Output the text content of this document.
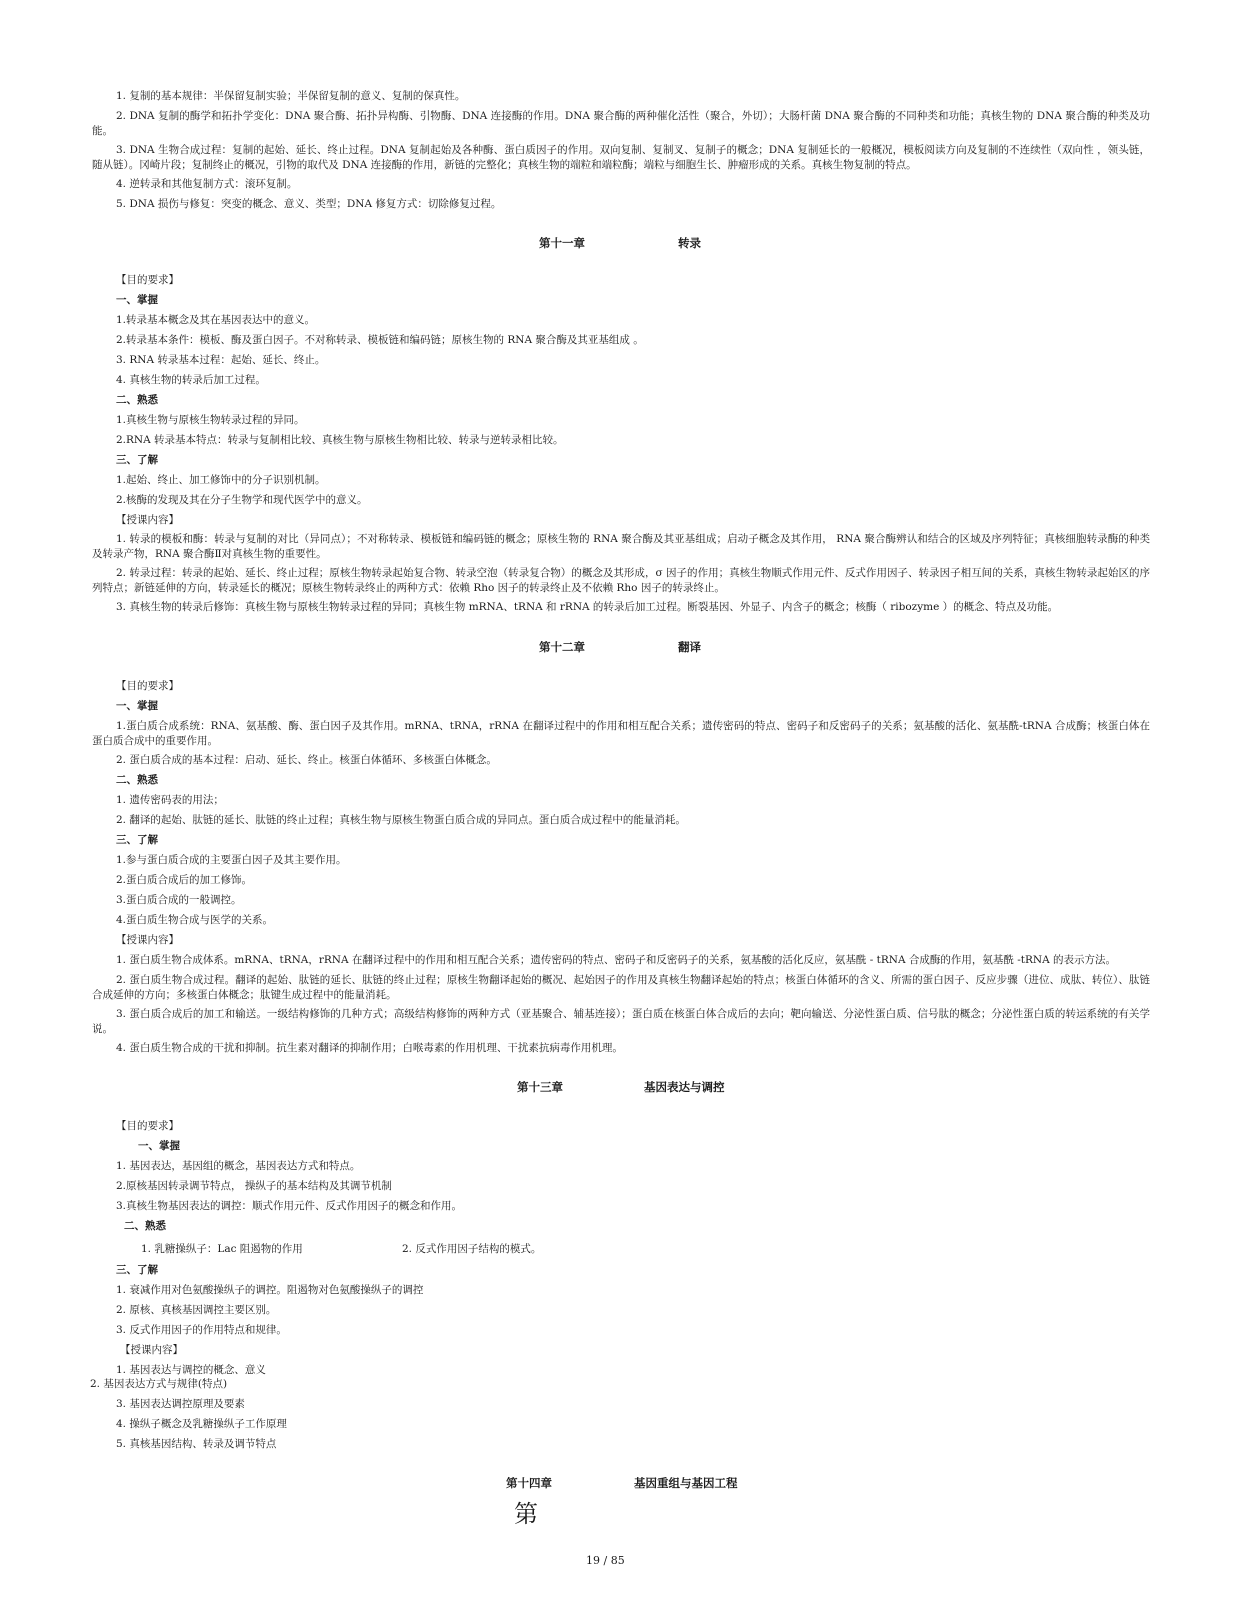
1. 复制的基本规律：半保留复制实验；半保留复制的意义、复制的保真性。
2. DNA 复制的酶学和拓扑学变化：DNA 聚合酶、拓扑异构酶、引物酶、DNA 连接酶的作用。DNA 聚合酶的两种催化活性（聚合，外切）；大肠杆菌 DNA 聚合酶的不同种类和功能；真核生物的 DNA 聚合酶的种类及功能。
3. DNA 生物合成过程：复制的起始、延长、终止过程。DNA 复制起始及各种酶、蛋白质因子的作用。双向复制、复制叉、复制子的概念；DNA 复制延长的一般概况，模板阅读方向及复制的不连续性（双向性 ，领头链，随从链）。冈崎片段；复制终止的概况，引物的取代及 DNA 连接酶的作用，新链的完整化；真核生物的端粒和端粒酶；端粒与细胞生长、肿瘤形成的关系。真核生物复制的特点。
4. 逆转录和其他复制方式：滚环复制。
5. DNA 损伤与修复：突变的概念、意义、类型；DNA 修复方式：切除修复过程。
第十一章	转录
【目的要求】
一、掌握
1.转录基本概念及其在基因表达中的意义。
2.转录基本条件：模板、酶及蛋白因子。不对称转录、模板链和编码链；原核生物的 RNA 聚合酶及其亚基组成 。
3. RNA 转录基本过程：起始、延长、终止。
4. 真核生物的转录后加工过程。
二、熟悉
1.真核生物与原核生物转录过程的异同。
2.RNA 转录基本特点：转录与复制相比较、真核生物与原核生物相比较、转录与逆转录相比较。
三、了解
1.起始、终止、加工修饰中的分子识别机制。
2.核酶的发现及其在分子生物学和现代医学中的意义。
【授课内容】
1. 转录的模板和酶：转录与复制的对比（异同点）；不对称转录、模板链和编码链的概念；原核生物的 RNA 聚合酶及其亚基组成；启动子概念及其作用， RNA 聚合酶辨认和结合的区域及序列特征；真核细胞转录酶的种类及转录产物，RNA 聚合酶Ⅱ对真核生物的重要性。
2. 转录过程：转录的起始、延长、终止过程；原核生物转录起始复合物、转录空泡（转录复合物）的概念及其形成，σ 因子的作用；真核生物顺式作用元件、反式作用因子、转录因子相互间的关系，真核生物转录起始区的序列特点；新链延伸的方向，转录延长的概况；原核生物转录终止的两种方式：依赖 Rho 因子的转录终止及不依赖 Rho 因子的转录终止。
3. 真核生物的转录后修饰：真核生物与原核生物转录过程的异同；真核生物 mRNA、tRNA 和 rRNA 的转录后加工过程。断裂基因、外显子、内含子的概念；核酶（ ribozyme ）的概念、特点及功能。
第十二章	翻译
【目的要求】
一、掌握
1.蛋白质合成系统：RNA、氨基酸、酶、蛋白因子及其作用。mRNA、tRNA，rRNA 在翻译过程中的作用和相互配合关系；遗传密码的特点、密码子和反密码子的关系；氨基酸的活化、氨基酰-tRNA 合成酶；核蛋白体在蛋白质合成中的重要作用。
2. 蛋白质合成的基本过程：启动、延长、终止。核蛋白体循环、多核蛋白体概念。
二、熟悉
1. 遗传密码表的用法；
2. 翻译的起始、肽链的延长、肽链的终止过程；真核生物与原核生物蛋白质合成的异同点。蛋白质合成过程中的能量消耗。
三、了解
1.参与蛋白质合成的主要蛋白因子及其主要作用。
2.蛋白质合成后的加工修饰。
3.蛋白质合成的一般调控。
4.蛋白质生物合成与医学的关系。
【授课内容】
1. 蛋白质生物合成体系。mRNA、tRNA，rRNA 在翻译过程中的作用和相互配合关系；遗传密码的特点、密码子和反密码子的关系，氨基酸的活化反应，氨基酰 - tRNA 合成酶的作用，氨基酰 -tRNA 的表示方法。
2. 蛋白质生物合成过程。翻译的起始、肽链的延长、肽链的终止过程；原核生物翻译起始的概况、起始因子的作用及真核生物翻译起始的特点；核蛋白体循环的含义、所需的蛋白因子、反应步骤（进位、成肽、转位）、肽链合成延伸的方向；多核蛋白体概念；肽键生成过程中的能量消耗。
3. 蛋白质合成后的加工和输送。一级结构修饰的几种方式；高级结构修饰的两种方式（亚基聚合、辅基连接）；蛋白质在核蛋白体合成后的去向；靶向输送、分泌性蛋白质、信号肽的概念；分泌性蛋白质的转运系统的有关学说。
4. 蛋白质生物合成的干扰和抑制。抗生素对翻译的抑制作用；白喉毒素的作用机理、干扰素抗病毒作用机理。
第十三章	基因表达与调控
【目的要求】
一、掌握
1. 基因表达，基因组的概念，基因表达方式和特点。
2.原核基因转录调节特点， 操纵子的基本结构及其调节机制
3.真核生物基因表达的调控：顺式作用元件、反式作用因子的概念和作用。
二、熟悉
1. 乳糖操纵子：Lac 阻遏物的作用	2. 反式作用因子结构的模式。
三、了解
1. 衰减作用对色氨酸操纵子的调控。阻遏物对色氨酸操纵子的调控
2. 原核、真核基因调控主要区别。
3. 反式作用因子的作用特点和规律。
【授课内容】
1. 基因表达与调控的概念、意义
2. 基因表达方式与规律(特点)
3. 基因表达调控原理及要素
4. 操纵子概念及乳糖操纵子工作原理
5. 真核基因结构、转录及调节特点
第十四章	基因重组与基因工程
第
19 / 85
